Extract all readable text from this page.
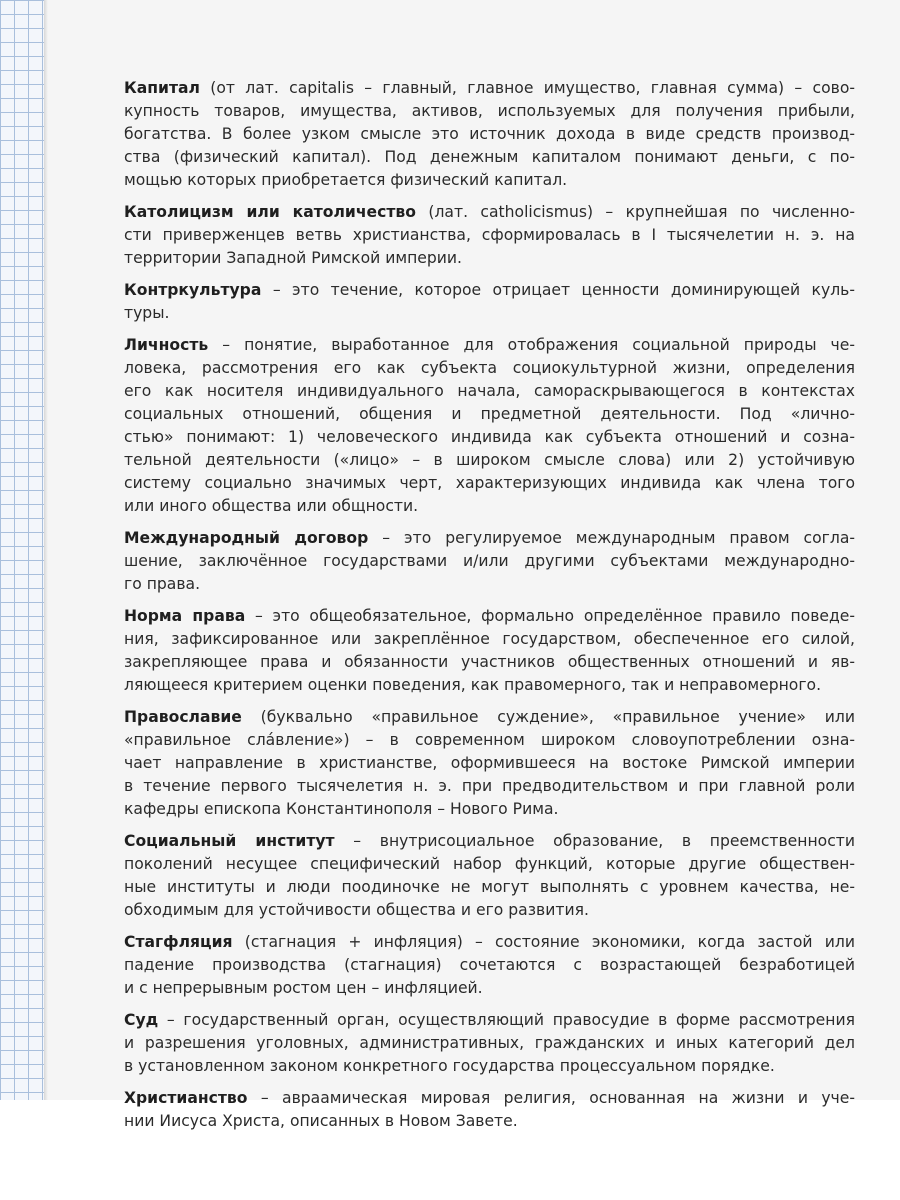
Капитал (от лат. capitalis – главный, главное имущество, главная сумма) – сово-
купность товаров, имущества, активов, используемых для получения прибыли,
богатства. В более узком смысле это источник дохода в виде средств производ-
ства (физический капитал). Под денежным капиталом понимают деньги, с по-
мощью которых приобретается физический капитал.
Католицизм или католичество (лат. catholicismus) – крупнейшая по численно-
сти приверженцев ветвь христианства, сформировалась в I тысячелетии н. э. на
территории Западной Римской империи.
Контркультура – это течение, которое отрицает ценности доминирующей куль-
туры.
Личность – понятие, выработанное для отображения социальной природы че-
ловека, рассмотрения его как субъекта социокультурной жизни, определения
его как носителя индивидуального начала, самораскрывающегося в контекстах
социальных отношений, общения и предметной деятельности. Под «лично-
стью» понимают: 1) человеческого индивида как субъекта отношений и созна-
тельной деятельности («лицо» – в широком смысле слова) или 2) устойчивую
систему социально значимых черт, характеризующих индивида как члена того
или иного общества или общности.
Международный договор – это регулируемое международным правом согла-
шение, заключённое государствами и/или другими субъектами международно-
го права.
Норма права – это общеобязательное, формально определённое правило поведе-
ния, зафиксированное или закреплённое государством, обеспеченное его силой,
закрепляющее права и обязанности участников общественных отношений и яв-
ляющееся критерием оценки поведения, как правомерного, так и неправомерного.
Православие (буквально «правильное суждение», «правильное учение» или
«правильное сла́вление») – в современном широком словоупотреблении озна-
чает направление в христианстве, оформившееся на востоке Римской империи
в течение первого тысячелетия н. э. при предводительством и при главной роли
кафедры епископа Константинополя – Нового Рима.
Социальный институт – внутрисоциальное образование, в преемственности
поколений несущее специфический набор функций, которые другие обществен-
ные институты и люди поодиночке не могут выполнять с уровнем качества, не-
обходимым для устойчивости общества и его развития.
Стагфляция (стагнация + инфляция) – состояние экономики, когда застой или
падение производства (стагнация) сочетаются с возрастающей безработицей
и с непрерывным ростом цен – инфляцией.
Суд – государственный орган, осуществляющий правосудие в форме рассмотрения
и разрешения уголовных, административных, гражданских и иных категорий дел
в установленном законом конкретного государства процессуальном порядке.
Христианство – авраамическая мировая религия, основанная на жизни и уче-
нии Иисуса Христа, описанных в Новом Завете.
